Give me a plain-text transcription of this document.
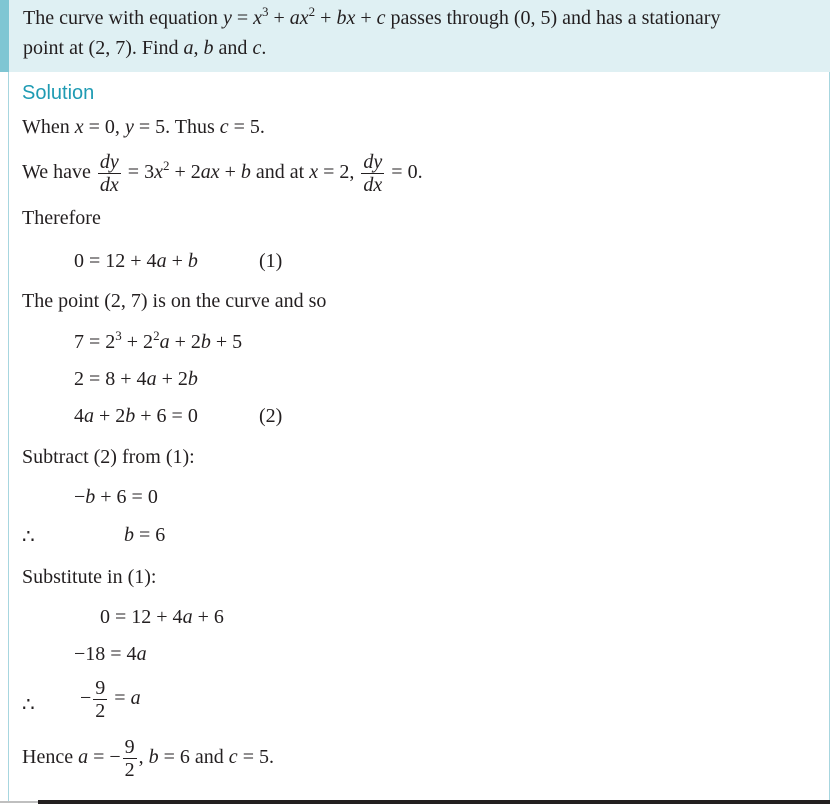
The curve with equation $y = x^3 + ax^2$ + bx + c passes through (0, 5) and has a stationary
point at (2, 7). Find a, b and c.
Solution
When x = 0, y = 5. Thus c = 5.
We have $\frac{dy}{dx} = 3x^2 + 2ax + b$ and at x = 2, $\frac{dy}{dx} = 0$.
Therefore
0 = 12 + 4a + b	(1)
The point (2, 7) is on the curve and so
$7 = 2^3 + 2^2a + 2b + 5$
2 = 8 + 4a + 2b
4a + 2b + 6 = 0	(2)
Subtract (2) from (1):
−b + 6 = 0
∴	b = 6
Substitute in (1):
0 = 12 + 4a + 6
−18 = 4a
∴ − $\frac{9}{2} = a$
Hence a = − $\frac{9}{2}$ , b = 6 and c = 5.
